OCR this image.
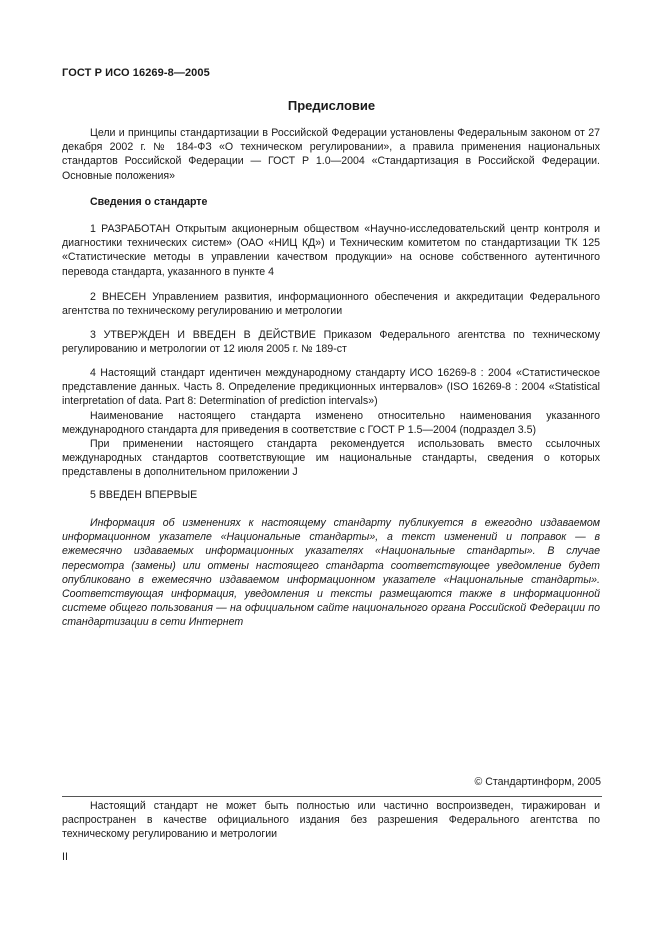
ГОСТ Р ИСО 16269-8—2005
Предисловие

Цели и принципы стандартизации в Российской Федерации установлены Федеральным законом от 27 декабря 2002 г. № 184-ФЗ «О техническом регулировании», а правила применения национальных стандартов Российской Федерации — ГОСТ Р 1.0—2004 «Стандартизация в Российской Федерации. Основные положения»

Сведения о стандарте

1 РАЗРАБОТАН Открытым акционерным обществом «Научно-исследовательский центр контроля и диагностики технических систем» (ОАО «НИЦ КД») и Техническим комитетом по стандартизации ТК 125 «Статистические методы в управлении качеством продукции» на основе собственного аутентичного перевода стандарта, указанного в пункте 4

2 ВНЕСЕН Управлением развития, информационного обеспечения и аккредитации Федерального агентства по техническому регулированию и метрологии

3 УТВЕРЖДЕН И ВВЕДЕН В ДЕЙСТВИЕ Приказом Федерального агентства по техническому регулированию и метрологии от 12 июля 2005 г. № 189-ст

4 Настоящий стандарт идентичен международному стандарту ИСО 16269-8 : 2004 «Статистическое представление данных. Часть 8. Определение предикционных интервалов» (ISO 16269-8 : 2004 «Statistical interpretation of data. Part 8: Determination of prediction intervals»)

Наименование настоящего стандарта изменено относительно наименования указанного международного стандарта для приведения в соответствие с ГОСТ Р 1.5—2004 (подраздел 3.5)

При применении настоящего стандарта рекомендуется использовать вместо ссылочных международных стандартов соответствующие им национальные стандарты, сведения о которых представлены в дополнительном приложении J

5 ВВЕДЕН ВПЕРВЫЕ

Информация об изменениях к настоящему стандарту публикуется в ежегодно издаваемом информационном указателе «Национальные стандарты», а текст изменений и поправок — в ежемесячно издаваемых информационных указателях «Национальные стандарты». В случае пересмотра (замены) или отмены настоящего стандарта соответствующее уведомление будет опубликовано в ежемесячно издаваемом информационном указателе «Национальные стандарты». Соответствующая информация, уведомления и тексты размещаются также в информационной системе общего пользования — на официальном сайте национального органа Российской Федерации по стандартизации в сети Интернет

© Стандартинформ, 2005

Настоящий стандарт не может быть полностью или частично воспроизведен, тиражирован и распространен в качестве официального издания без разрешения Федерального агентства по техническому регулированию и метрологии

II
